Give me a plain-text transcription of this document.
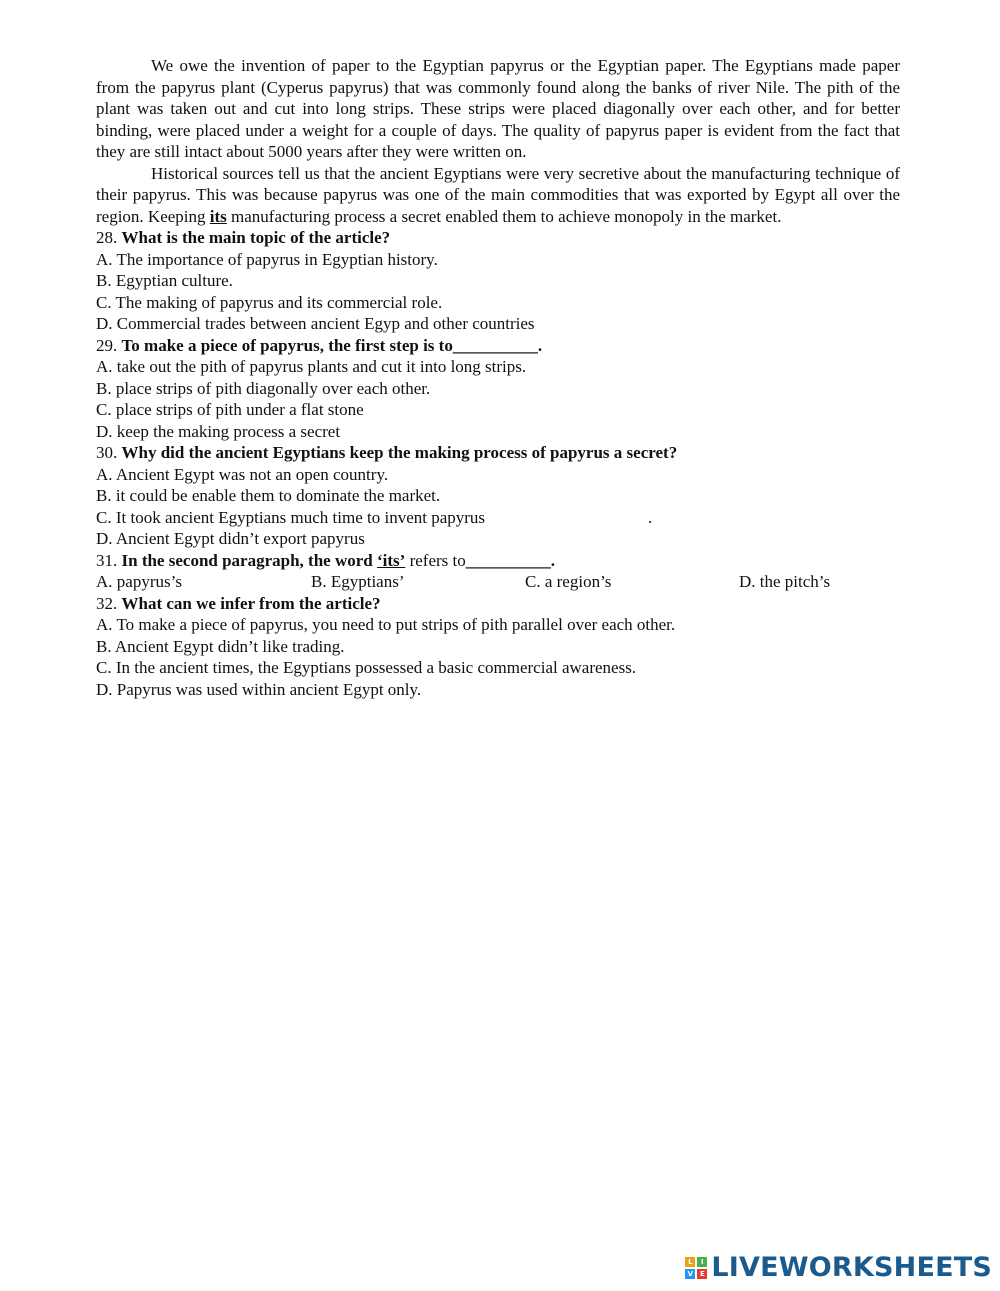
We owe the invention of paper to the Egyptian papyrus or the Egyptian paper. The Egyptians made paper from the papyrus plant (Cyperus papyrus) that was commonly found along the banks of river Nile. The pith of the plant was taken out and cut into long strips. These strips were placed diagonally over each other, and for better binding, were placed under a weight for a couple of days. The quality of papyrus paper is evident from the fact that they are still intact about 5000 years after they were written on.

Historical sources tell us that the ancient Egyptians were very secretive about the manufacturing technique of their papyrus. This was because papyrus was one of the main commodities that was exported by Egypt all over the region. Keeping its manufacturing process a secret enabled them to achieve monopoly in the market.

28. What is the main topic of the article?

A. The importance of papyrus in Egyptian history.

B. Egyptian culture.

C. The making of papyrus and its commercial role.

D. Commercial trades between ancient Egyp and other countries

29. To make a piece of papyrus, the first step is to__________.

A. take out the pith of papyrus plants and cut it into long strips.

B. place strips of pith diagonally over each other.

C. place strips of pith under a flat stone

D. keep the making process a secret

30. Why did the ancient Egyptians keep the making process of papyrus a secret?

A. Ancient Egypt was not an open country.

B. it could be enable them to dominate the market.

C. It took ancient Egyptians much time to invent papyrus	.

D. Ancient Egypt didn’t export papyrus

31. In the second paragraph, the word ‘its’ refers to__________.

A. papyrus’s	B. Egyptians’	C. a region’s	D. the pitch’s

32. What can we infer from the article?

A. To make a piece of papyrus, you need to put strips of pith parallel over each other.

B. Ancient Egypt didn’t like trading.

C. In the ancient times, the Egyptians possessed a basic commercial awareness.

D. Papyrus was used within ancient Egypt only.

L	I
V E LIVEWORKSHEETS
